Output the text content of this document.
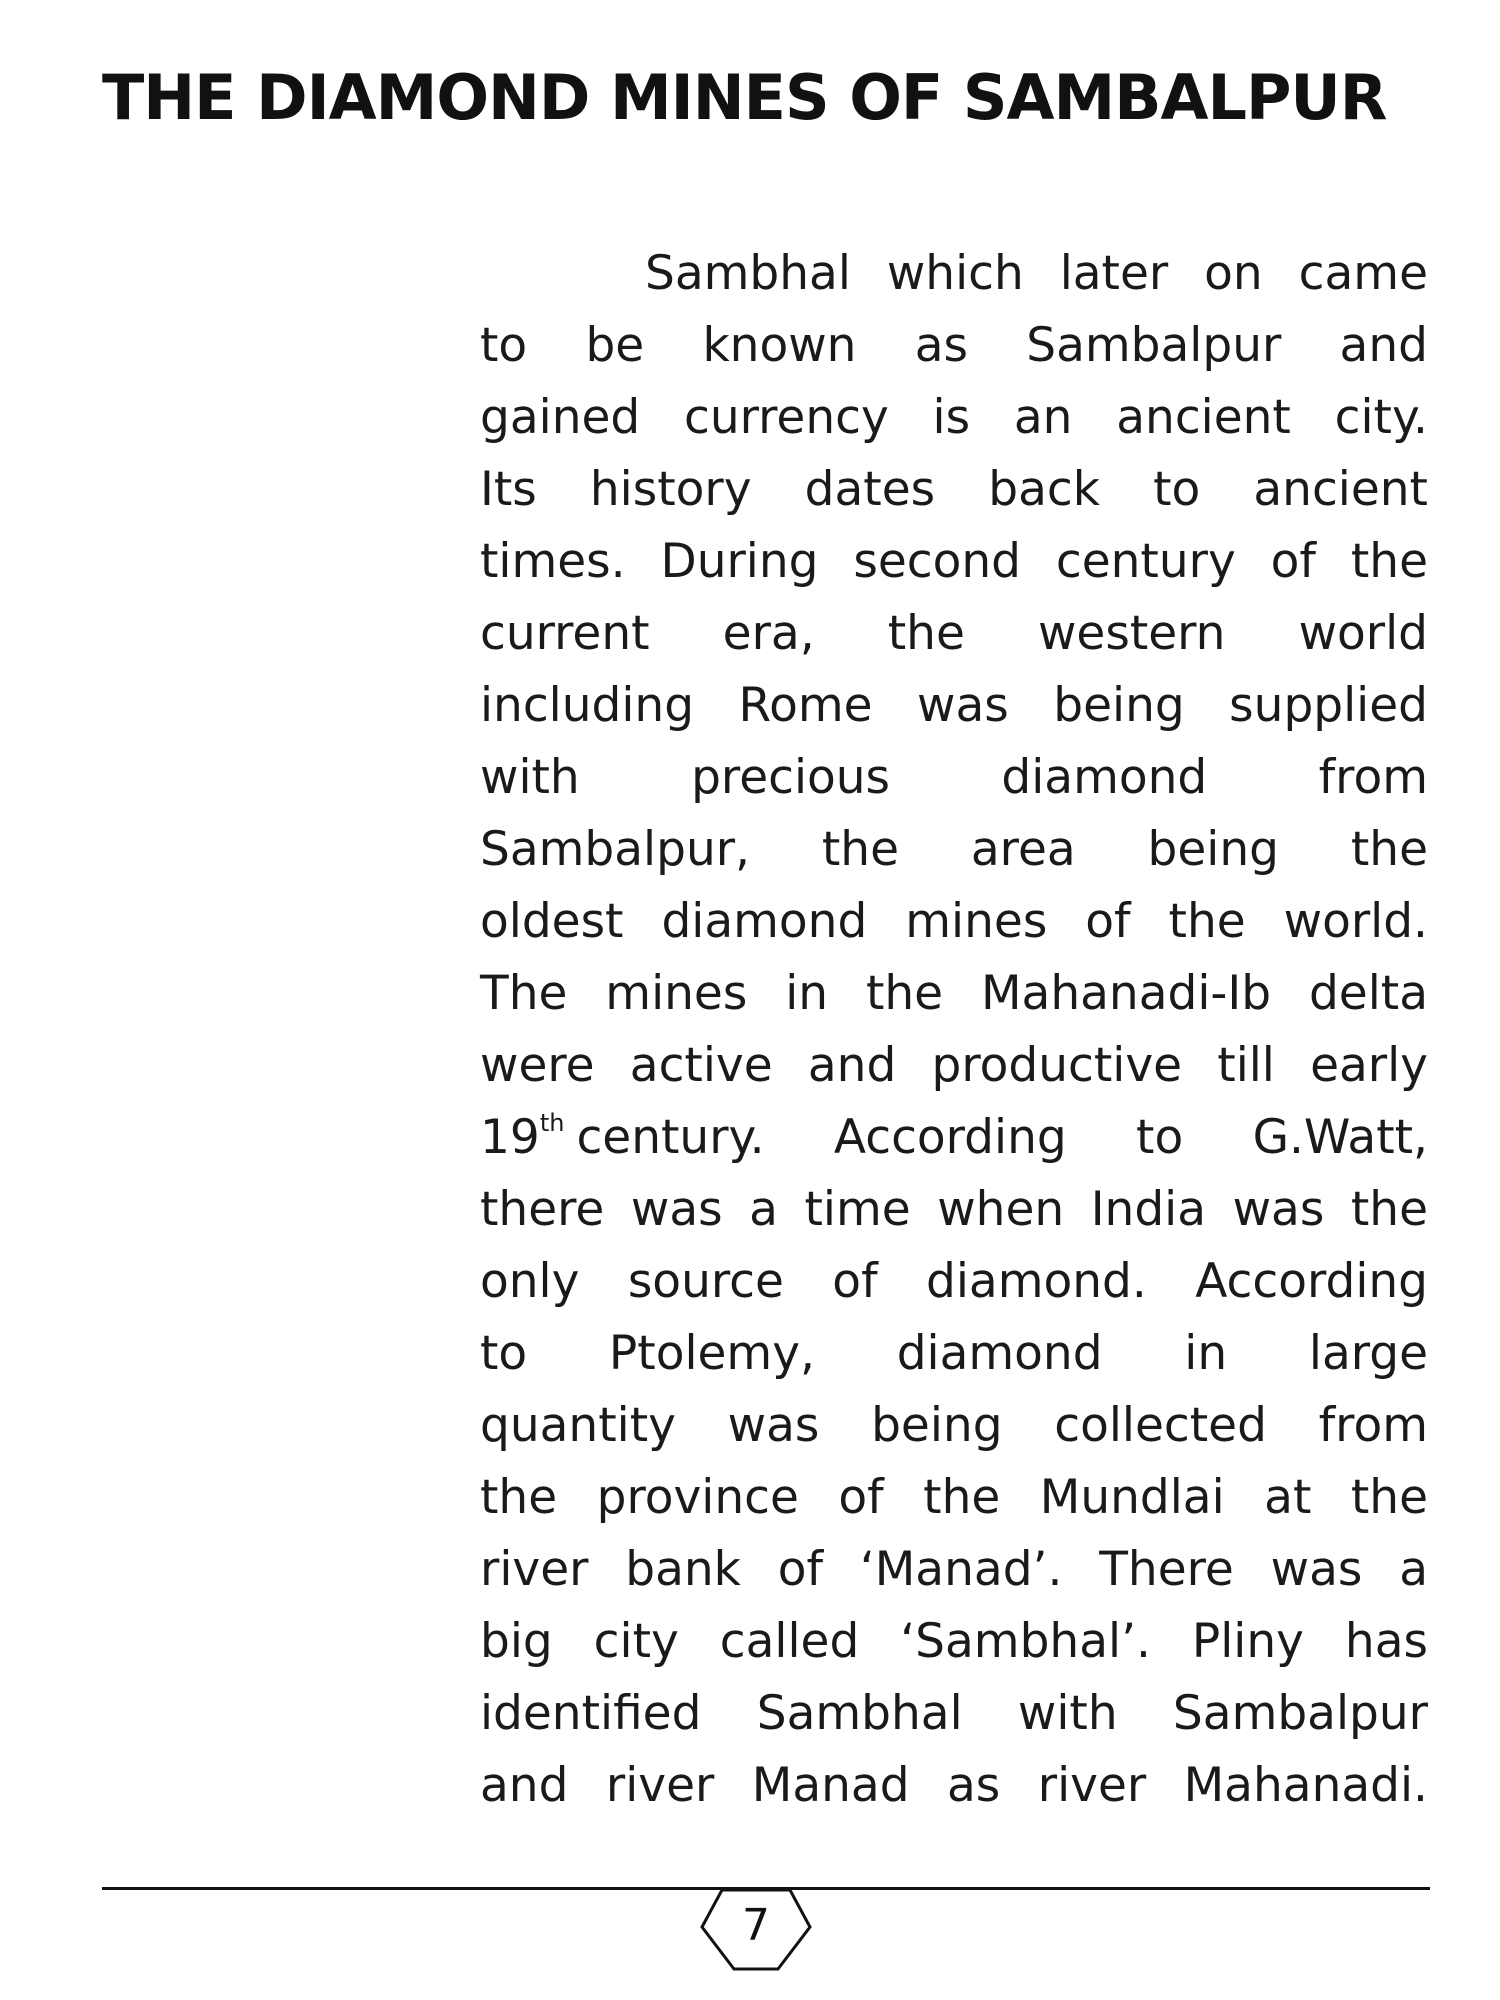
THE DIAMOND MINES OF SAMBALPUR
Sambhal which later on came
to be known as Sambalpur and
gained currency is an ancient city.
Its history dates back to ancient
times. During second century of the
current era, the western world
including Rome was being supplied
with precious diamond from
Sambalpur, the area being the
oldest diamond mines of the world.
The mines in the Mahanadi-Ib delta
were active and productive till early
19th century. According to G.Watt,
there was a time when India was the
only source of diamond. According
to Ptolemy, diamond in large
quantity was being collected from
the province of the Mundlai at the
river bank of ‘Manad’. There was a
big city called ‘Sambhal’. Pliny has
identified Sambhal with Sambalpur
and river Manad as river Mahanadi.
7
